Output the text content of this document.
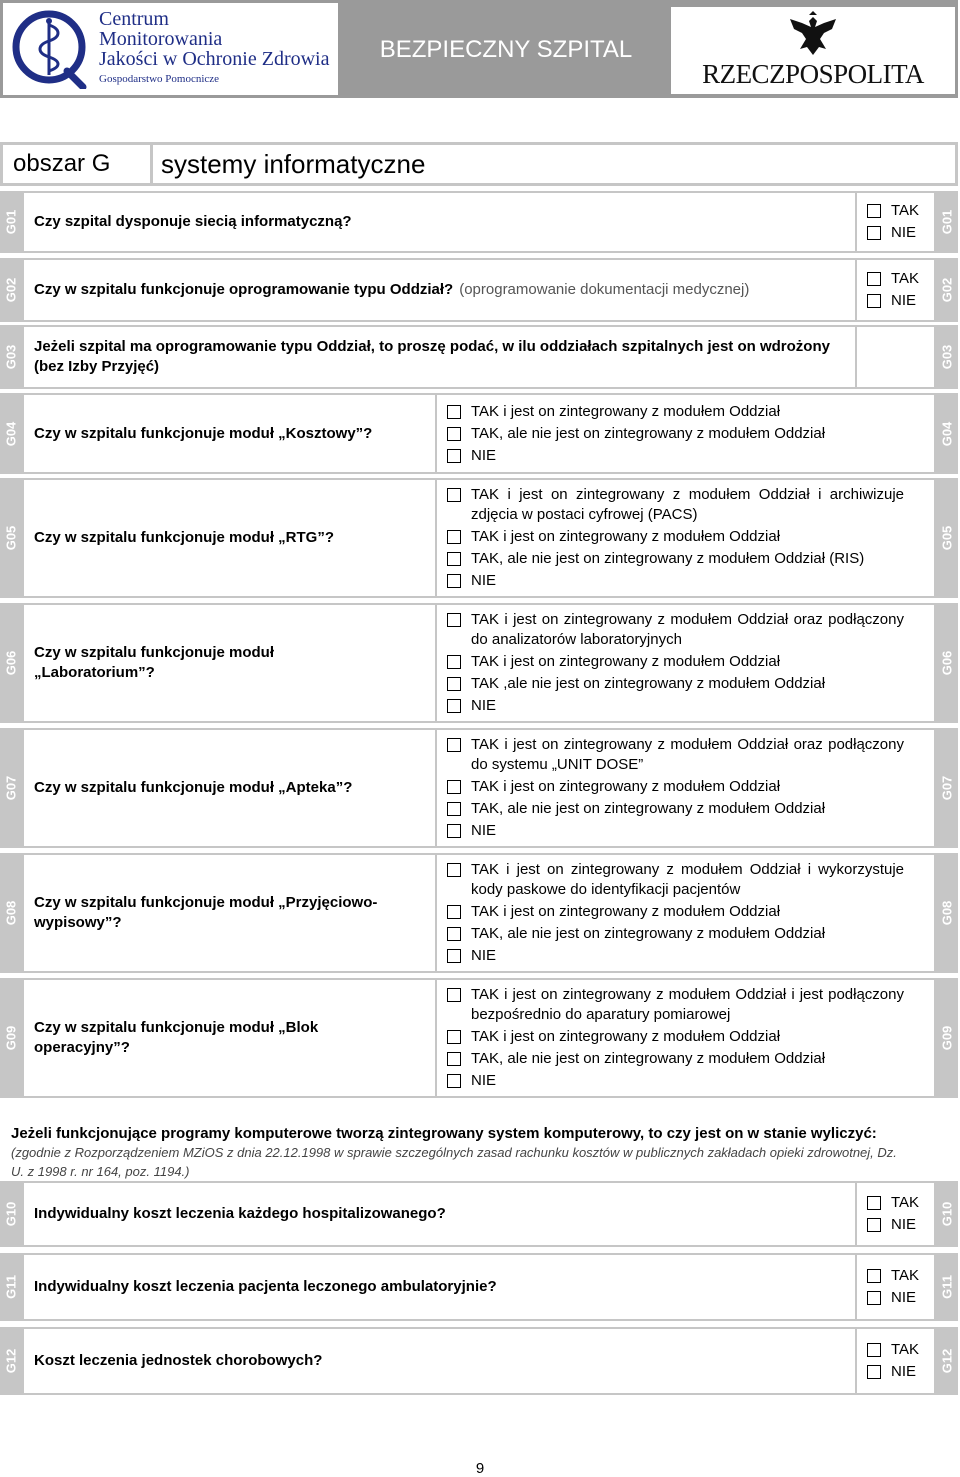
Centrum
Monitorowania
Jakości w Ochronie Zdrowia
Gospodarstwo Pomocnicze
BEZPIECZNY SZPITAL
RZECZPOSPOLITA
obszar G	systemy informatyczne
G01 Czy szpital dysponuje siecią informatyczną?
TAK
NIE G01
G02 Czy w szpitalu funkcjonuje oprogramowanie typu Oddział? (oprogramowanie dokumentacji medycznej)
TAK
NIE G02
G03 Jeżeli szpital ma oprogramowanie typu Oddział, to proszę podać, w ilu oddziałach szpitalnych jest on wdrożony (bez Izby Przyjęć)	G03
G04 Czy w szpitalu funkcjonuje moduł „Kosztowy”?
TAK i jest on zintegrowany z modułem Oddział
TAK, ale nie jest on zintegrowany z modułem Oddział
NIE
G04
G05 Czy w szpitalu funkcjonuje moduł „RTG”?
TAK i jest on zintegrowany z modułem Oddział i archiwizuje zdjęcia w postaci cyfrowej (PACS)
TAK i jest on zintegrowany z modułem Oddział
TAK, ale nie jest on zintegrowany z modułem Oddział (RIS)
NIE
G05
G06 Czy w szpitalu funkcjonuje moduł „Laboratorium”?
TAK i jest on zintegrowany z modułem Oddział oraz podłączony do analizatorów laboratoryjnych
TAK i jest on zintegrowany z modułem Oddział
TAK ,ale nie jest on zintegrowany z modułem Oddział
NIE
G06
G07 Czy w szpitalu funkcjonuje moduł „Apteka”?
TAK i jest on zintegrowany z modułem Oddział oraz podłączony do systemu „UNIT DOSE”
TAK i jest on zintegrowany z modułem Oddział
TAK, ale nie jest on zintegrowany z modułem Oddział
NIE
G07
G08 Czy w szpitalu funkcjonuje moduł „Przyjęciowo-wypisowy”?
TAK i jest on zintegrowany z modułem Oddział i wykorzystuje kody paskowe do identyfikacji pacjentów
TAK i jest on zintegrowany z modułem Oddział
TAK, ale nie jest on zintegrowany z modułem Oddział
NIE
G08
G09 Czy w szpitalu funkcjonuje moduł „Blok operacyjny”?
TAK i jest on zintegrowany z modułem Oddział i jest podłączony bezpośrednio do aparatury pomiarowej
TAK i jest on zintegrowany z modułem Oddział
TAK, ale nie jest on zintegrowany z modułem Oddział
NIE
G09
Jeżeli funkcjonujące programy komputerowe tworzą zintegrowany system komputerowy, to czy jest on w stanie wyliczyć: (zgodnie z Rozporządzeniem MZiOS z dnia 22.12.1998 w sprawie szczególnych zasad rachunku kosztów w publicznych zakładach opieki zdrowotnej, Dz. U. z 1998 r. nr 164, poz. 1194.)
G10 Indywidualny koszt leczenia każdego hospitalizowanego?
TAK
NIE G10
G11 Indywidualny koszt leczenia pacjenta leczonego ambulatoryjnie?
TAK
NIE G11
G12 Koszt leczenia jednostek chorobowych?
TAK
NIE G12
9
